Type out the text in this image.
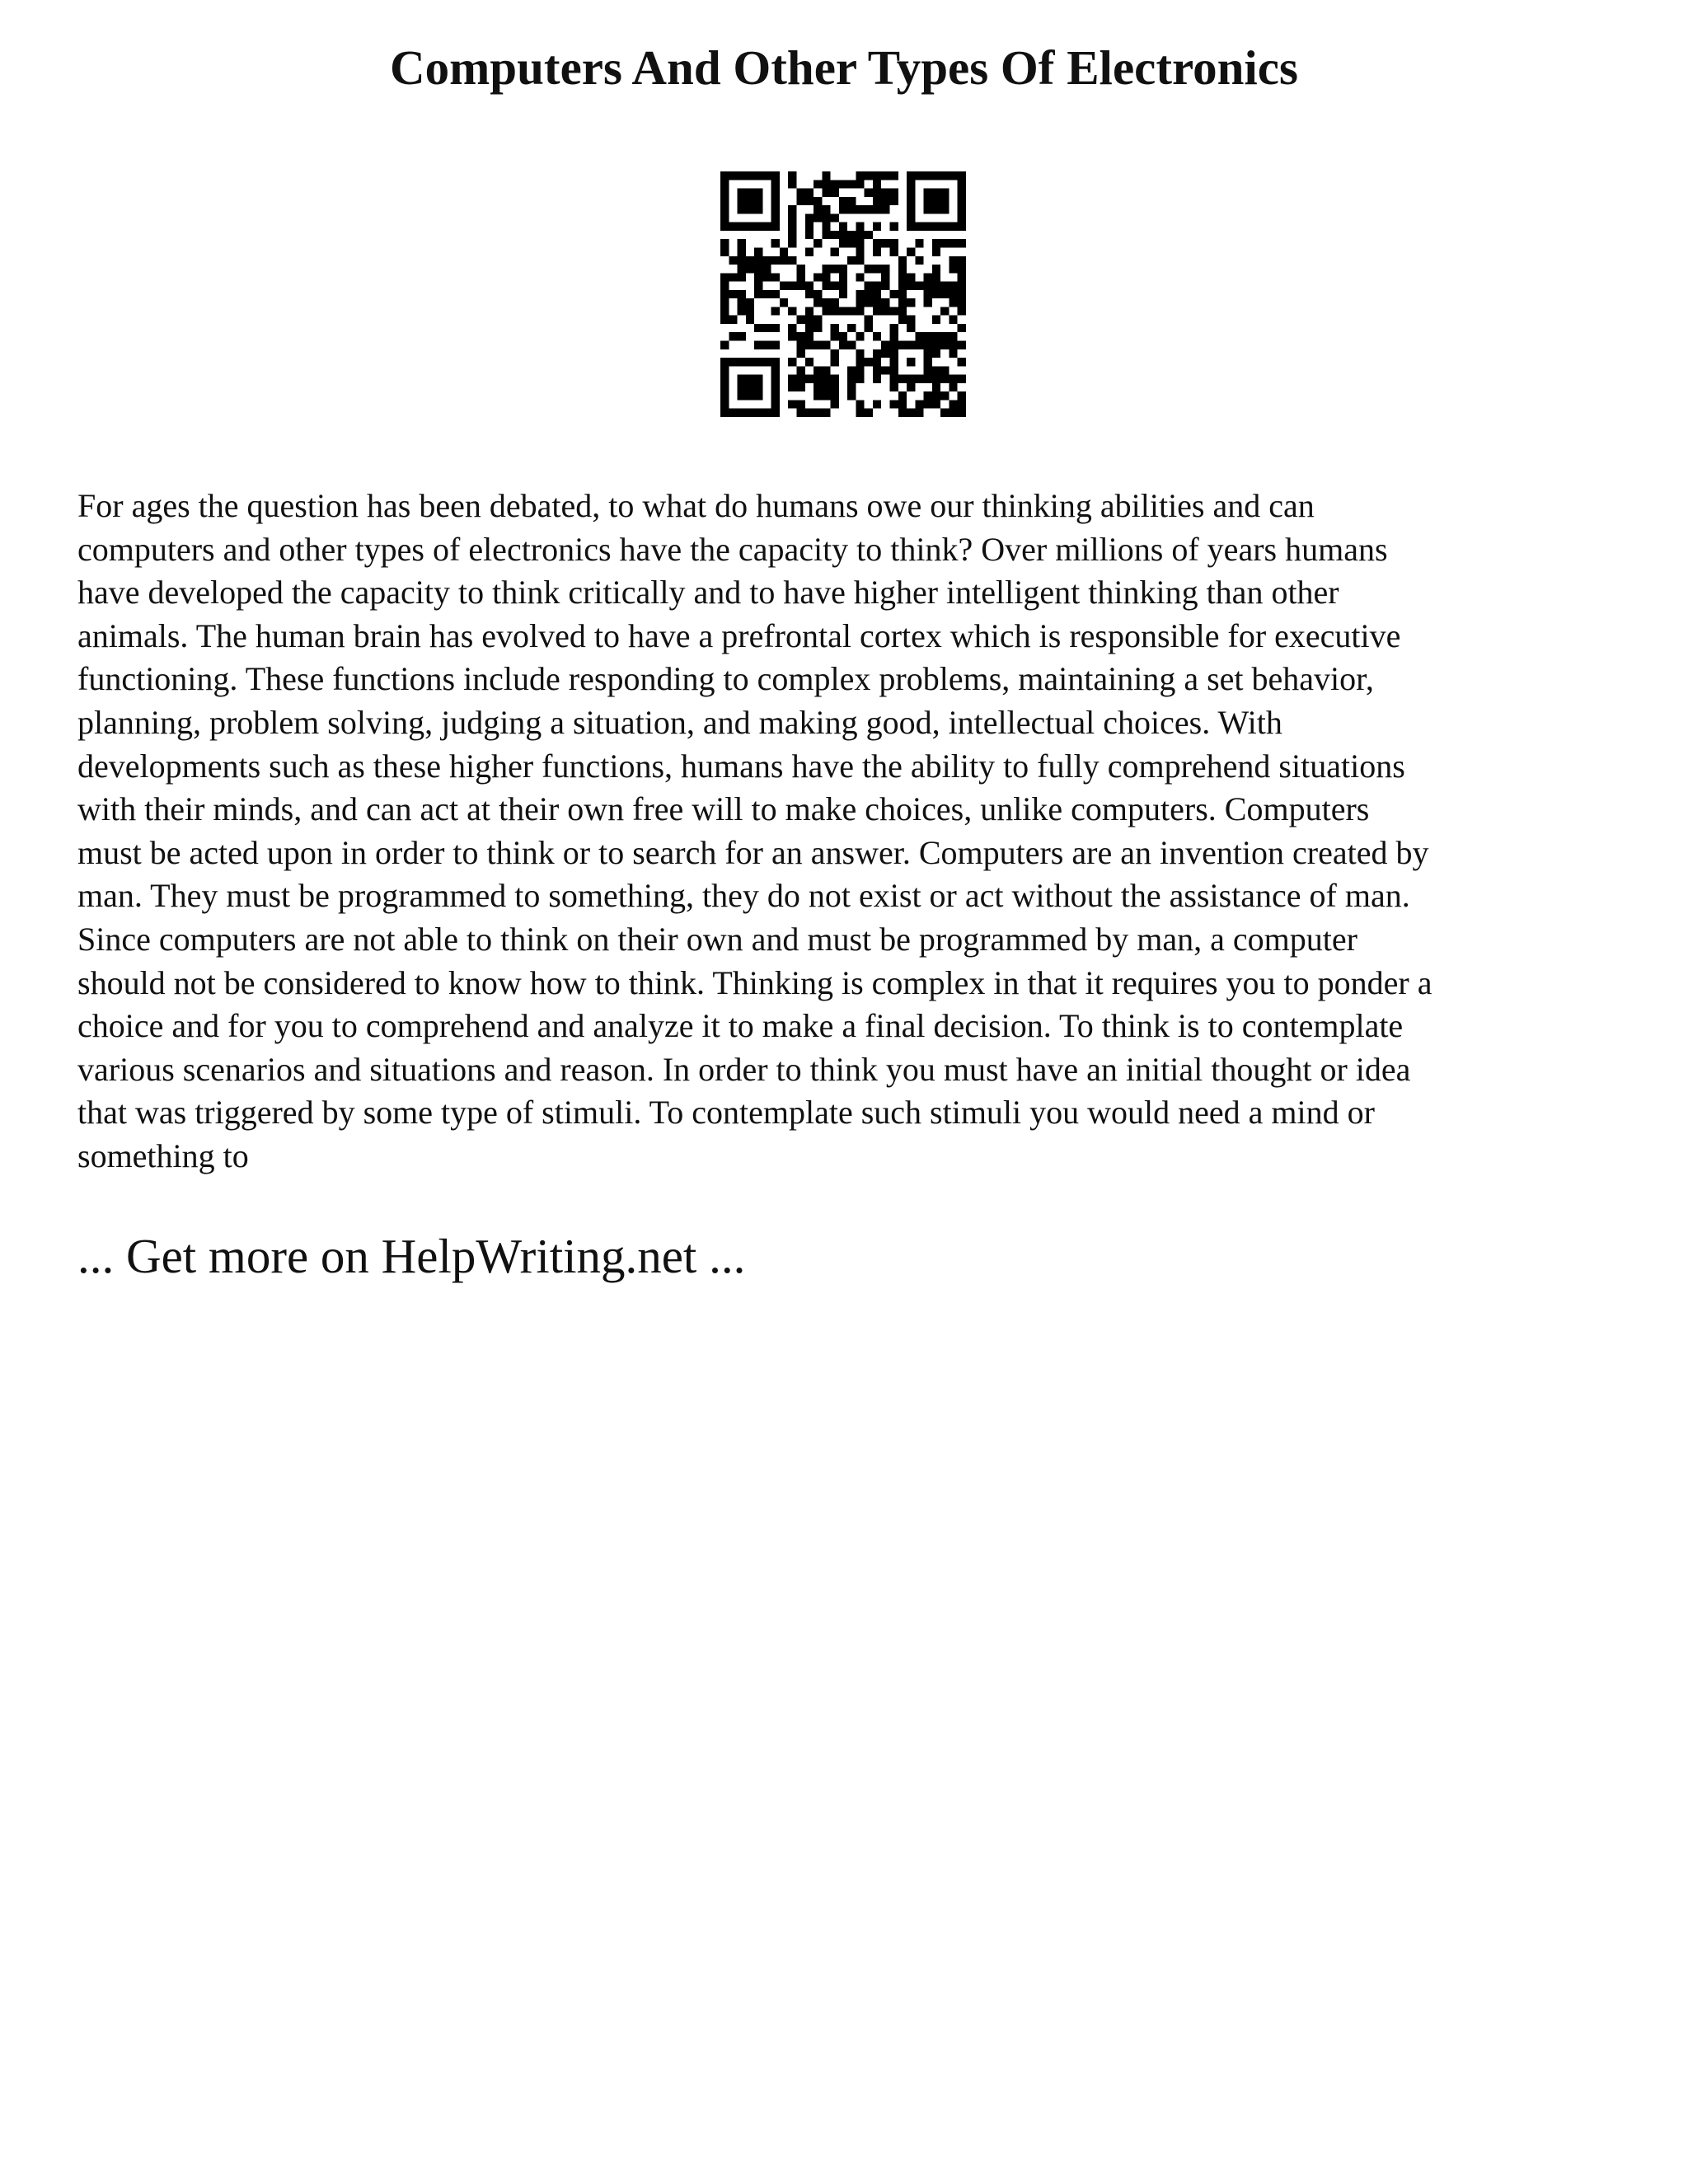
Computers And Other Types Of Electronics

For ages the question has been debated, to what do humans owe our thinking abilities and can
computers and other types of electronics have the capacity to think? Over millions of years humans
have developed the capacity to think critically and to have higher intelligent thinking than other
animals. The human brain has evolved to have a prefrontal cortex which is responsible for executive
functioning. These functions include responding to complex problems, maintaining a set behavior,
planning, problem solving, judging a situation, and making good, intellectual choices. With
developments such as these higher functions, humans have the ability to fully comprehend situations
with their minds, and can act at their own free will to make choices, unlike computers. Computers
must be acted upon in order to think or to search for an answer. Computers are an invention created by
man. They must be programmed to something, they do not exist or act without the assistance of man.
Since computers are not able to think on their own and must be programmed by man, a computer
should not be considered to know how to think. Thinking is complex in that it requires you to ponder a
choice and for you to comprehend and analyze it to make a final decision. To think is to contemplate
various scenarios and situations and reason. In order to think you must have an initial thought or idea
that was triggered by some type of stimuli. To contemplate such stimuli you would need a mind or
something to

... Get more on HelpWriting.net ...
